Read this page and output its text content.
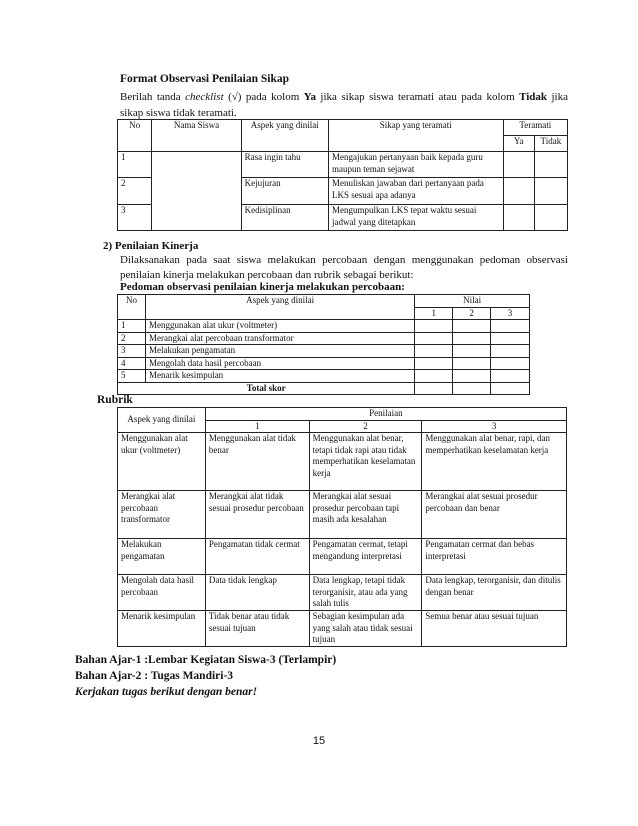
Format Observasi Penilaian Sikap
Berilah tanda checklist (√) pada kolom Ya jika sikap siswa teramati atau pada kolom Tidak jika sikap siswa tidak teramati.
No	Nama Siswa	Aspek yang dinilai	Sikap yang teramati	Teramati	
				Ya	Tidak
1		Rasa ingin tahu	Mengajukan pertanyaan baik kepada guru maupun teman sejawat		
2		Kejujuran	Menuliskan jawaban dari pertanyaan pada LKS sesuai apa adanya		
3		Kedisiplinan	Mengumpulkan LKS tepat waktu sesuai jadwal yang ditetapkan		
2) Penilaian Kinerja
Dilaksanakan pada saat siswa melakukan percobaan dengan menggunakan pedoman observasi penilaian kinerja melakukan percobaan dan rubrik sebagai berikut:
Pedoman observasi penilaian kinerja melakukan percobaan:
No	Aspek yang dinilai	Nilai		
		1	2	3
1	Menggunakan alat ukur (voltmeter)			
2	Merangkai alat percobaan transformator			
3	Melakukan pengamatan			
4	Mengolah data hasil percobaan			
5	Menarik kesimpulan			
Total skor				
Rubrik
Aspek yang dinilai	Penilaian		
	1	2	3
Menggunakan alat ukur (voltmeter)	Menggunakan alat tidak benar	Menggunakan alat benar, tetapi tidak rapi atau tidak memperhatikan keselamatan kerja	Menggunakan alat benar, rapi, dan memperhatikan keselamatan kerja
Merangkai alat percobaan transformator	Merangkai alat tidak sesuai prosedur percobaan	Merangkai alat sesuai prosedur percobaan tapi masih ada kesalahan	Merangkai alat sesuai prosedur percobaan dan benar
Melakukan pengamatan	Pengamatan tidak cermat	Pengamatan cermat, tetapi mengandung interpretasi	Pengamatan cermat dan bebas interpretasi
Mengolah data hasil percobaan	Data tidak lengkap	Data lengkap, tetapi tidak terorganisir, atau ada yang salah tulis	Data lengkap, terorganisir, dan ditulis dengan benar
Menarik kesimpulan	Tidak benar atau tidak sesuai tujuan	Sebagian kesimpulan ada yang salah atau tidak sesuai tujuan	Semua benar atau sesuai tujuan
Bahan Ajar-1 :Lembar Kegiatan Siswa-3 (Terlampir)
Bahan Ajar-2 : Tugas Mandiri-3
Kerjakan tugas berikut dengan benar!
15
